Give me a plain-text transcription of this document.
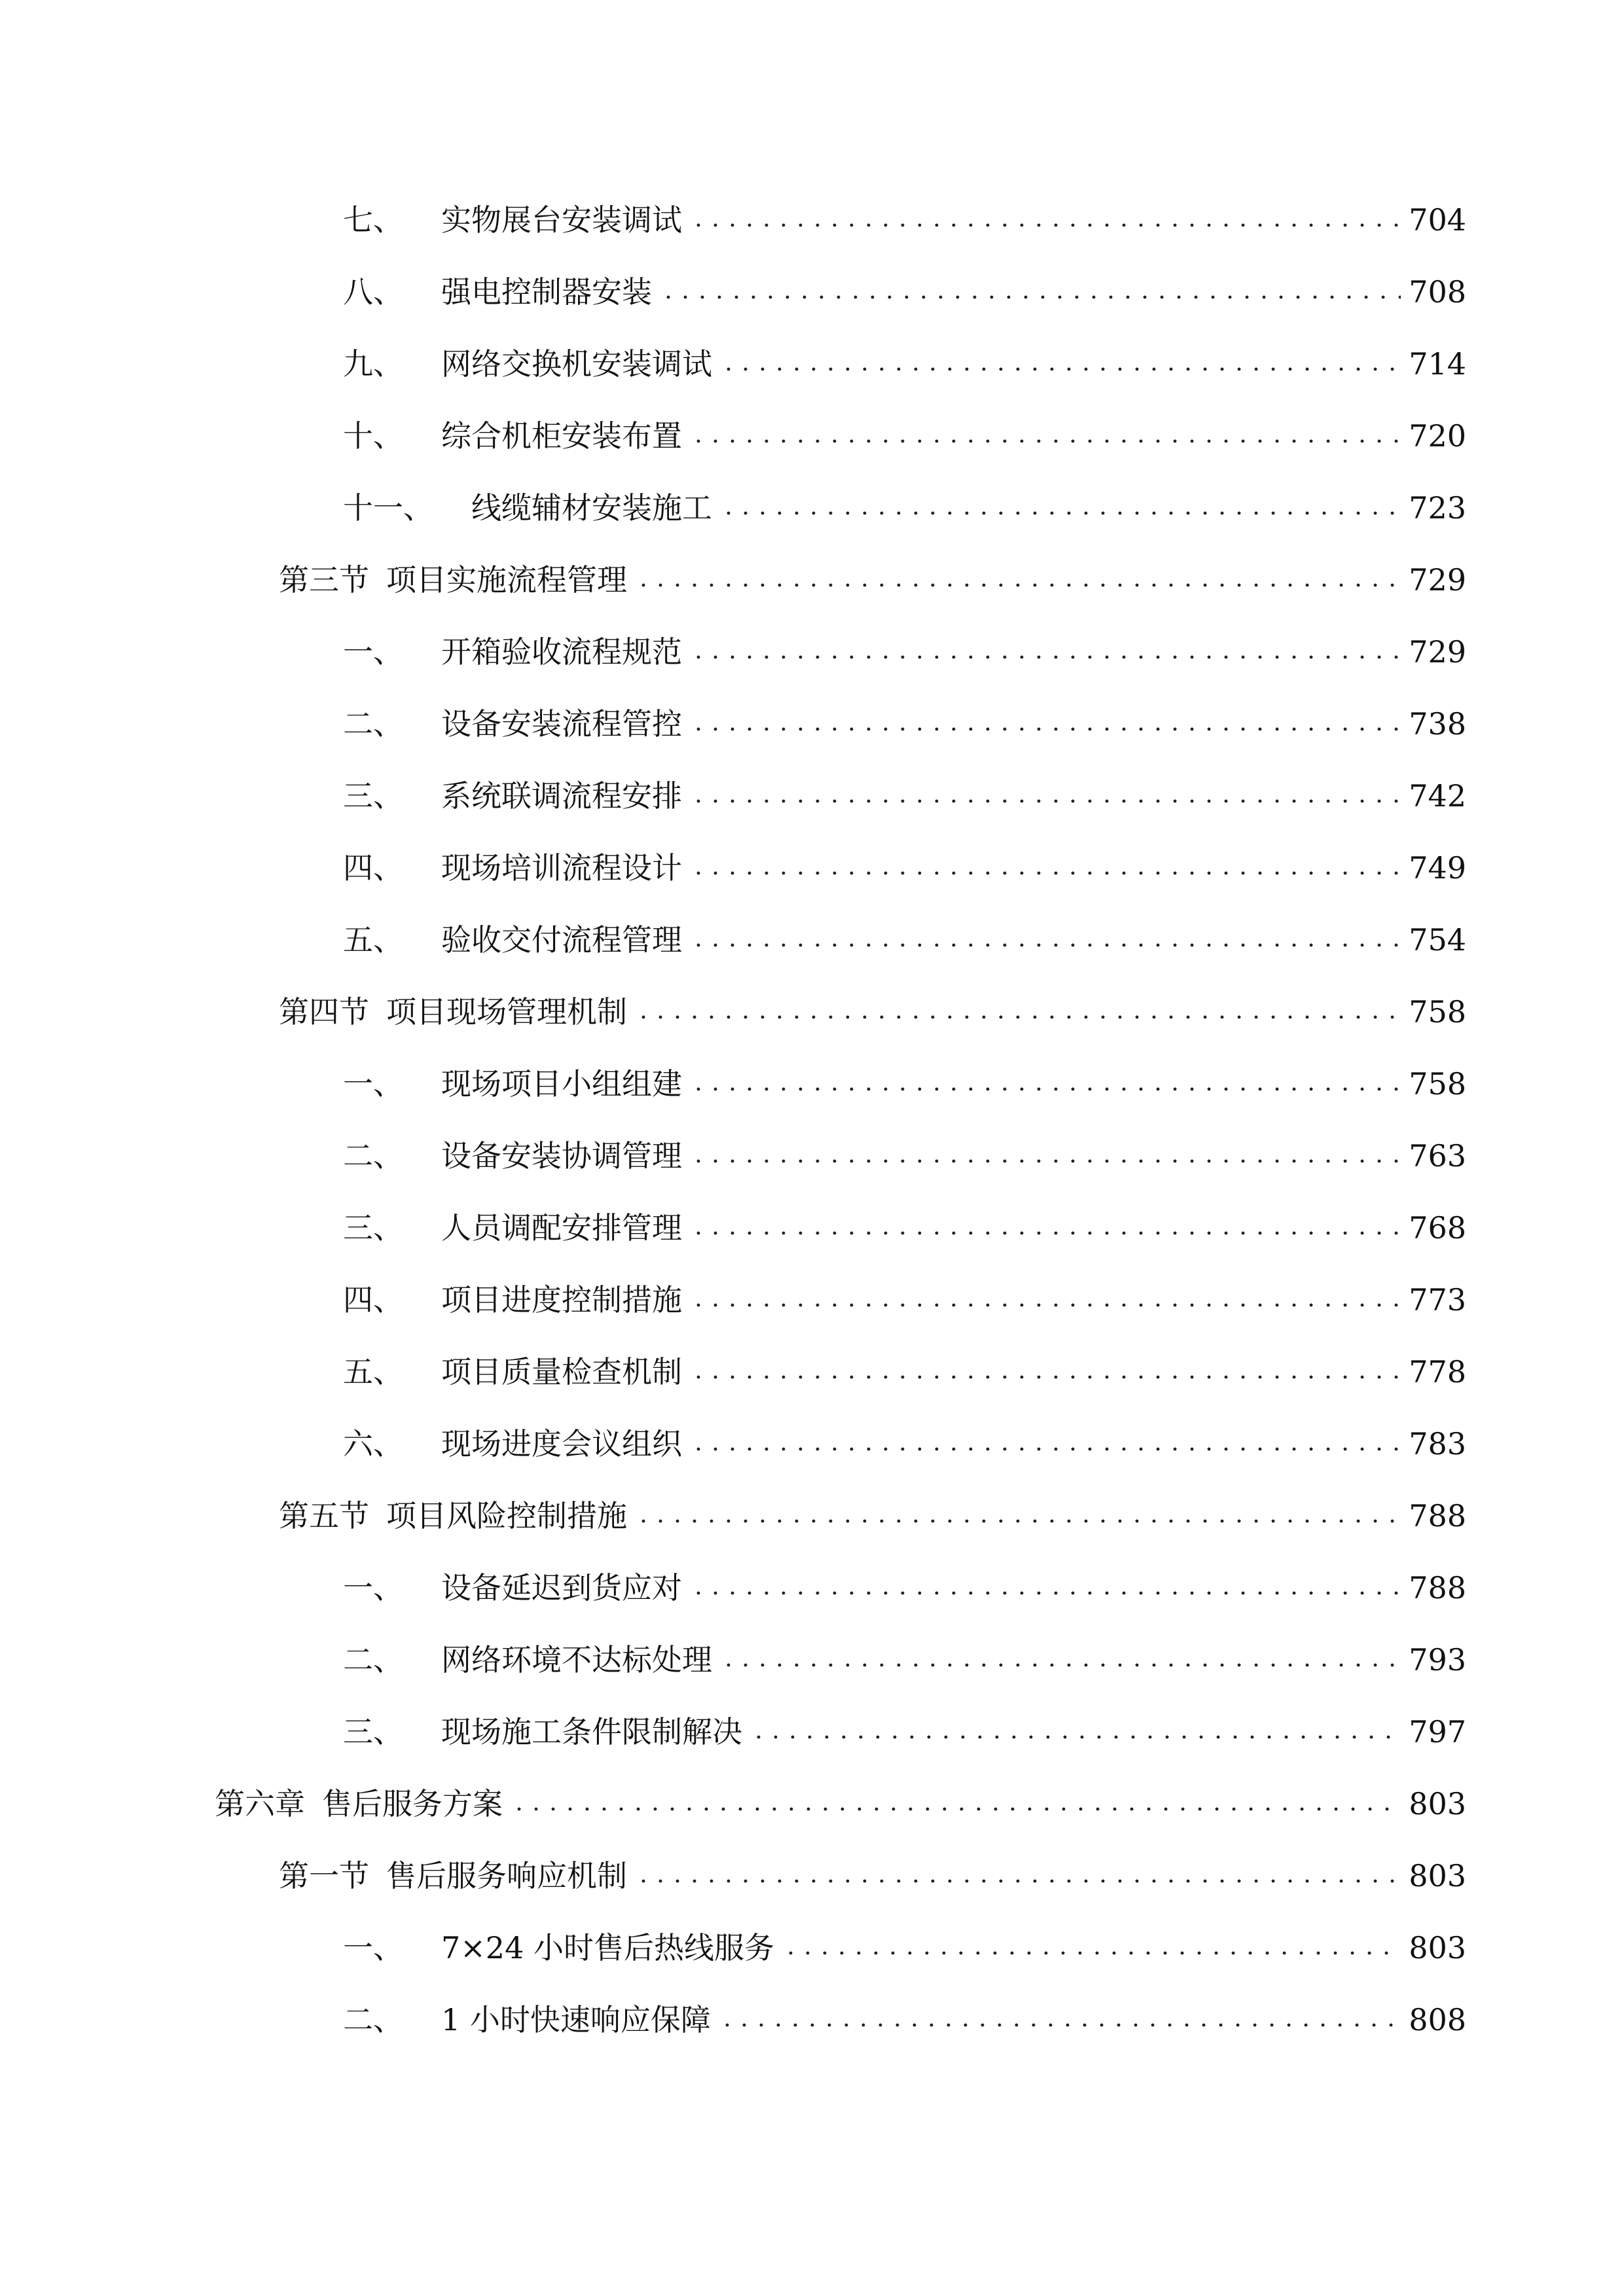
七、 实物展台安装调试	704
八、 强电控制器安装	708
九、 网络交换机安装调试	714
十、 综合机柜安装布置	720
十一、 线缆辅材安装施工	723
第三节 项目实施流程管理	729
一、 开箱验收流程规范	729
二、 设备安装流程管控	738
三、 系统联调流程安排	742
四、 现场培训流程设计	749
五、 验收交付流程管理	754
第四节 项目现场管理机制	758
一、 现场项目小组组建	758
二、 设备安装协调管理	763
三、 人员调配安排管理	768
四、 项目进度控制措施	773
五、 项目质量检查机制	778
六、 现场进度会议组织	783
第五节 项目风险控制措施	788
一、 设备延迟到货应对	788
二、 网络环境不达标处理	793
三、 现场施工条件限制解决	797
第六章 售后服务方案	803
第一节 售后服务响应机制	803
一、 7×24 小时售后热线服务	803
二、 1 小时快速响应保障	808
